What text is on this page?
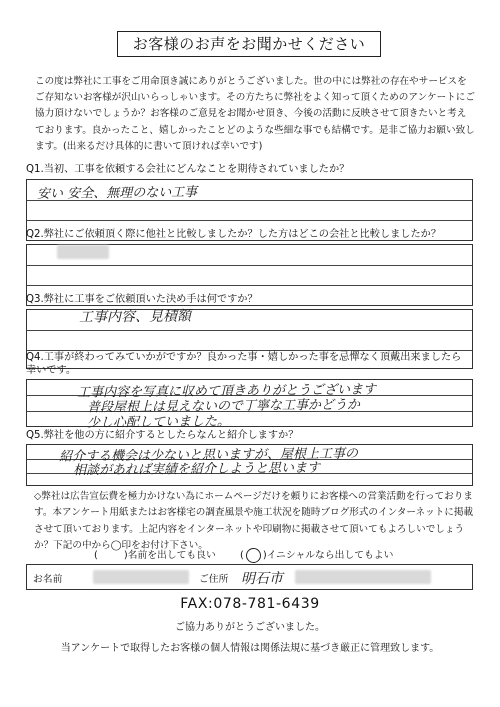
お客様のお声をお聞かせください
この度は弊社に工事をご用命頂き誠にありがとうございました。世の中には弊社の存在やサービスをご存知ないお客様が沢山いらっしゃいます。その方たちに弊社をよく知って頂くためのアンケートにご協力頂けないでしょうか？お客様のご意見をお聞かせ頂き、今後の活動に反映させて頂きたいと考えております。良かったこと、嬉しかったことどのような些細な事でも結構です。是非ご協力お願い致します。(出来るだけ具体的に書いて頂ければ幸いです)
Q1.当初、工事を依頼する会社にどんなことを期待されていましたか？
安い 安全、無理のない工事
Q2.弊社にご依頼頂く際に他社と比較しましたか？した方はどこの会社と比較しましたか？
Q3.弊社に工事をご依頼頂いた決め手は何ですか？
工事内容、見積額
Q4.工事が終わってみていかがですか？良かった事・嬉しかった事を忌憚なく頂戴出来ましたら幸いです。
工事内容を写真に収めて頂きありがとうございます
普段屋根上は見えないので丁寧な工事かどうか
少し心配していました。
Q5.弊社を他の方に紹介するとしたらなんと紹介しますか？
紹介する機会は少ないと思いますが、屋根上工事の
相談があれば実績を紹介しようと思います
◇弊社は広告宣伝費を極力かけない為にホームページだけを頼りにお客様への営業活動を行っております。本アンケート用紙またはお客様宅の調査風景や施工状況を随時ブログ形式のインターネットに掲載させて頂いております。上記内容をインターネットや印刷物に掲載させて頂いてもよろしいでしょうか？下記の中から◯印をお付け下さい。
(	)名前を出しても良い ( )イニシャルなら出してもよい
お名前	ご住所 明石市
FAX:078-781-6439
ご協力ありがとうございました。
当アンケートで取得したお客様の個人情報は関係法規に基づき厳正に管理致します。
